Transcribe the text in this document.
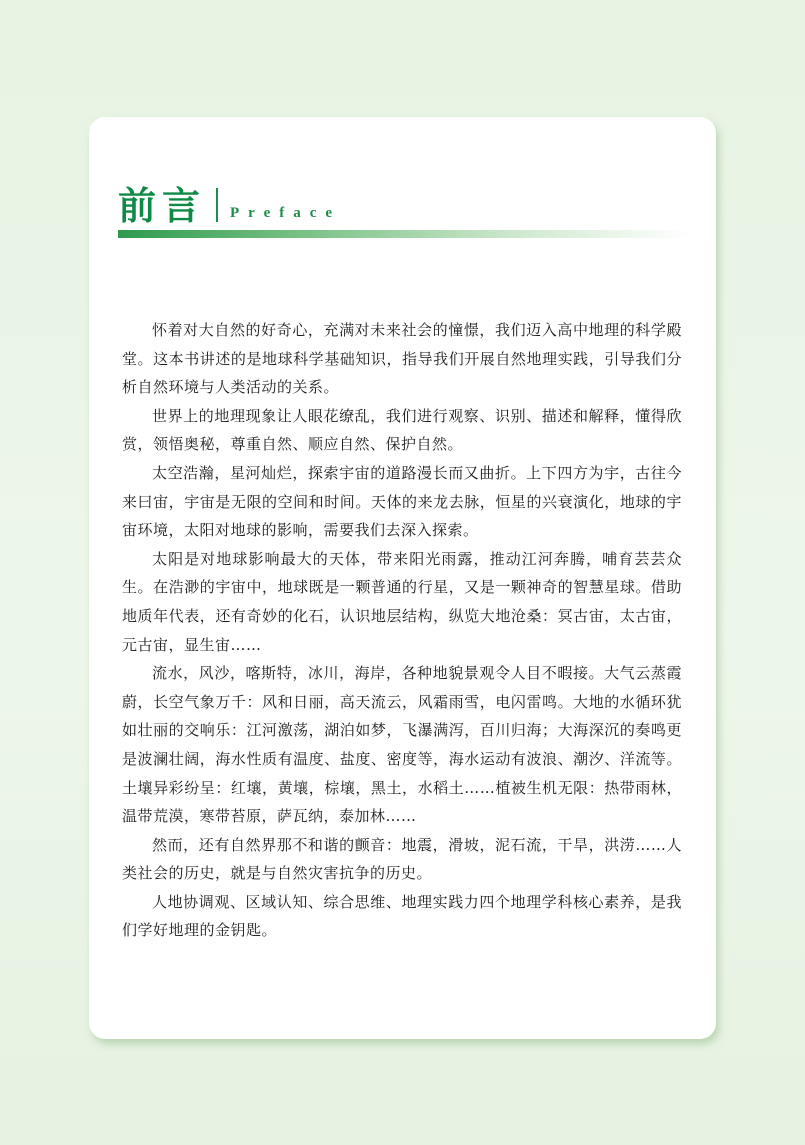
前言 Preface

怀着对大自然的好奇心，充满对未来社会的憧憬，我们迈入高中地理的科学殿堂。这本书讲述的是地球科学基础知识，指导我们开展自然地理实践，引导我们分析自然环境与人类活动的关系。

世界上的地理现象让人眼花缭乱，我们进行观察、识别、描述和解释，懂得欣赏，领悟奥秘，尊重自然、顺应自然、保护自然。

太空浩瀚，星河灿烂，探索宇宙的道路漫长而又曲折。上下四方为宇，古往今来曰宙，宇宙是无限的空间和时间。天体的来龙去脉，恒星的兴衰演化，地球的宇宙环境，太阳对地球的影响，需要我们去深入探索。

太阳是对地球影响最大的天体，带来阳光雨露，推动江河奔腾，哺育芸芸众生。在浩渺的宇宙中，地球既是一颗普通的行星，又是一颗神奇的智慧星球。借助地质年代表，还有奇妙的化石，认识地层结构，纵览大地沧桑：冥古宙，太古宙，元古宙，显生宙……

流水，风沙，喀斯特，冰川，海岸，各种地貌景观令人目不暇接。大气云蒸霞蔚，长空气象万千：风和日丽，高天流云，风霜雨雪，电闪雷鸣。大地的水循环犹如壮丽的交响乐：江河激荡，湖泊如梦，飞瀑满泻，百川归海；大海深沉的奏鸣更是波澜壮阔，海水性质有温度、盐度、密度等，海水运动有波浪、潮汐、洋流等。土壤异彩纷呈：红壤，黄壤，棕壤，黑土，水稻土……植被生机无限：热带雨林，温带荒漠，寒带苔原，萨瓦纳，泰加林……

然而，还有自然界那不和谐的颤音：地震，滑坡，泥石流，干旱，洪涝……人类社会的历史，就是与自然灾害抗争的历史。

人地协调观、区域认知、综合思维、地理实践力四个地理学科核心素养，是我们学好地理的金钥匙。
